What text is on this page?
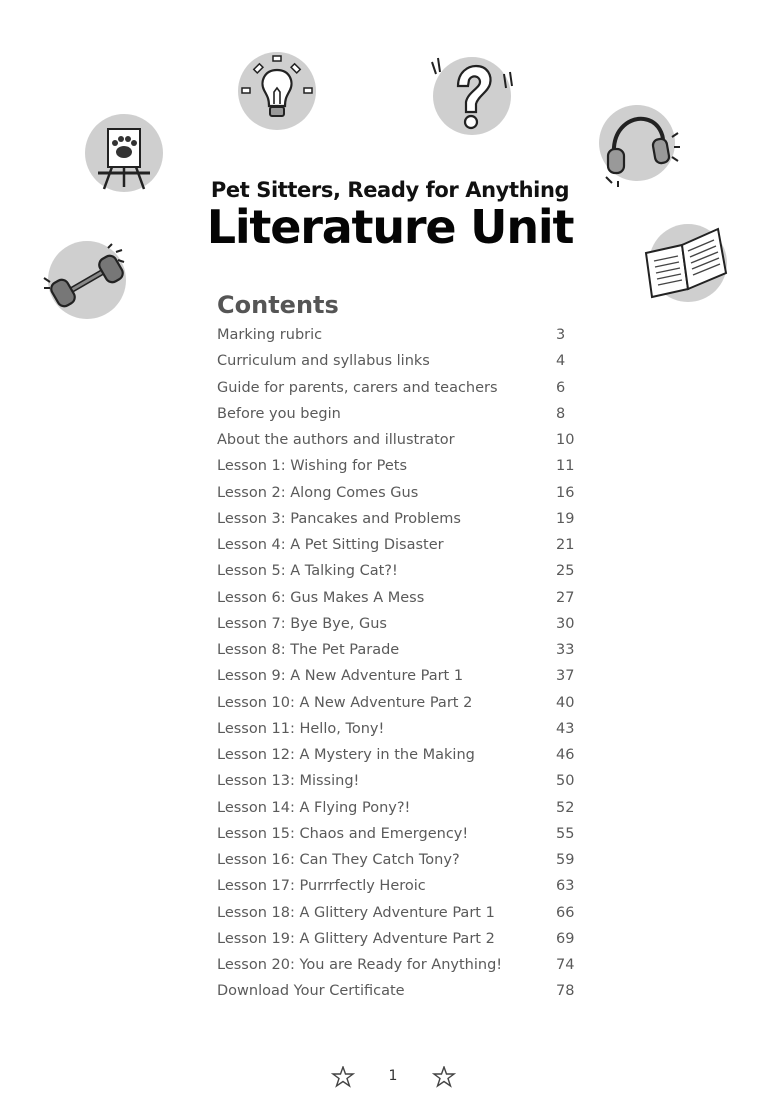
Pet Sitters, Ready for Anything
Literature Unit
Contents
Marking rubric	3
Curriculum and syllabus links	4
Guide for parents, carers and teachers	6
Before you begin	8
About the authors and illustrator	10
Lesson 1: Wishing for Pets	11
Lesson 2: Along Comes Gus	16
Lesson 3: Pancakes and Problems	19
Lesson 4: A Pet Sitting Disaster	21
Lesson 5: A Talking Cat?!	25
Lesson 6: Gus Makes A Mess	27
Lesson 7: Bye Bye, Gus	30
Lesson 8: The Pet Parade	33
Lesson 9: A New Adventure Part 1	37
Lesson 10: A New Adventure Part 2	40
Lesson 11: Hello, Tony!	43
Lesson 12: A Mystery in the Making	46
Lesson 13: Missing!	50
Lesson 14: A Flying Pony?!	52
Lesson 15: Chaos and Emergency!	55
Lesson 16: Can They Catch Tony?	59
Lesson 17: Purrrfectly Heroic	63
Lesson 18: A Glittery Adventure Part 1	66
Lesson 19: A Glittery Adventure Part 2	69
Lesson 20: You are Ready for Anything!	74
Download Your Certificate	78
1
